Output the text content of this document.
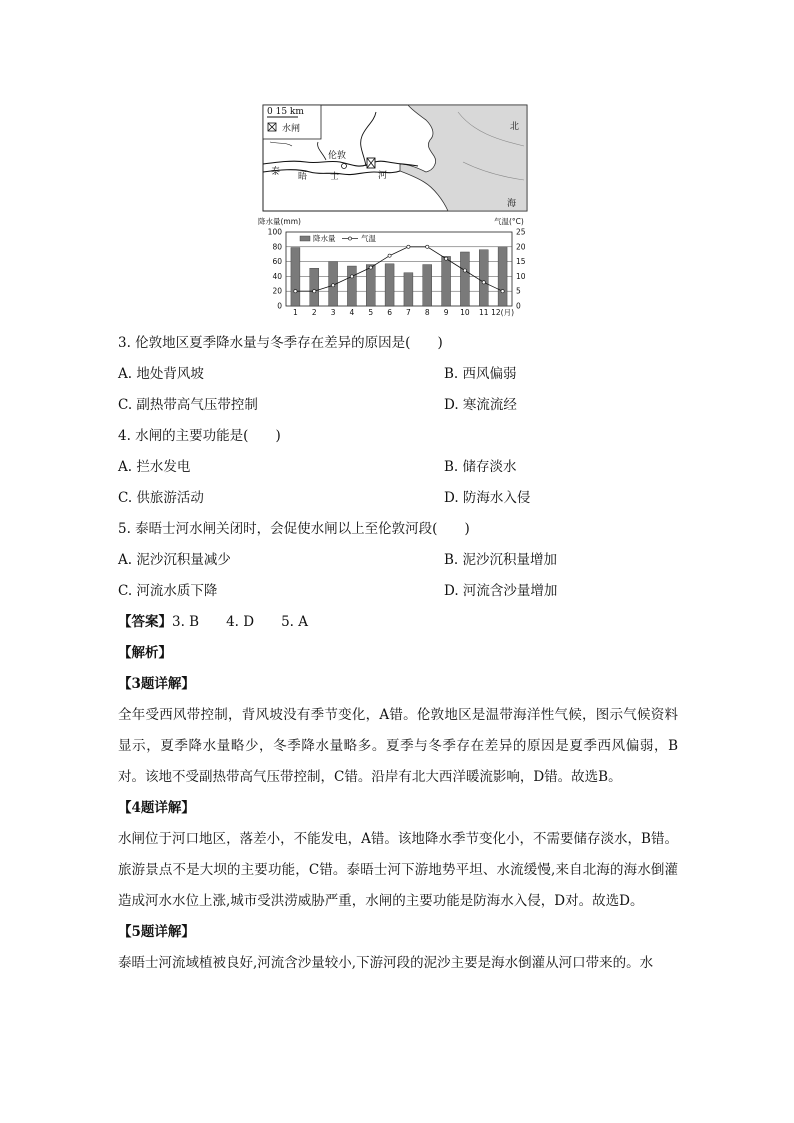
0 15 km
水闸
伦敦
泰 晤	士	河
北
海
降水量(mm)	气温(°C)
0
20
40
60
80
100
0
5
10
15
20
25
1 2 3 4 5 6 7 8 9 10 11 12(月)
降水量	气温
3. 伦敦地区夏季降水量与冬季存在差异的原因是(　　)
A. 地处背风坡	B. 西风偏弱
C. 副热带高气压带控制	D. 寒流流经
4. 水闸的主要功能是(　　)
A. 拦水发电	B. 储存淡水
C. 供旅游活动	D. 防海水入侵
5. 泰晤士河水闸关闭时，会促使水闸以上至伦敦河段(　　)
A. 泥沙沉积量减少	B. 泥沙沉积量增加
C. 河流水质下降	D. 河流含沙量增加
【答案】3. B　　4. D　　5. A
【解析】
【3题详解】
全年受西风带控制，背风坡没有季节变化，A错。伦敦地区是温带海洋性气候，图示气候资料显示，夏季降水量略少，冬季降水量略多。夏季与冬季存在差异的原因是夏季西风偏弱，B对。该地不受副热带高气压带控制，C错。沿岸有北大西洋暖流影响，D错。故选B。
【4题详解】
水闸位于河口地区，落差小，不能发电，A错。该地降水季节变化小，不需要储存淡水，B错。旅游景点不是大坝的主要功能，C错。泰晤士河下游地势平坦、水流缓慢,来自北海的海水倒灌造成河水水位上涨,城市受洪涝威胁严重，水闸的主要功能是防海水入侵，D对。故选D。
【5题详解】
泰晤士河流域植被良好,河流含沙量较小,下游河段的泥沙主要是海水倒灌从河口带来的。水
